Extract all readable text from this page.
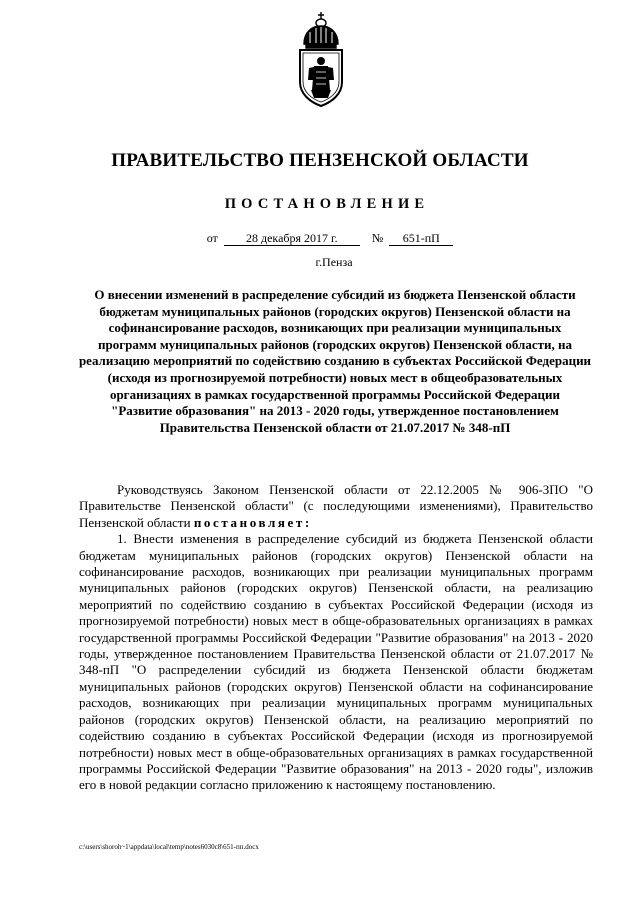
ПРАВИТЕЛЬСТВО ПЕНЗЕНСКОЙ ОБЛАСТИ
ПОСТАНОВЛЕНИЕ
от 28 декабря 2017 г.	№ 651-пП
г.Пенза
О внесении изменений в распределение субсидий из бюджета Пензенской области бюджетам муниципальных районов (городских округов) Пензенской области на софинансирование расходов, возникающих при реализации муниципальных программ муниципальных районов (городских округов) Пензенской области, на реализацию мероприятий по содействию созданию в субъектах Российской Федерации (исходя из прогнозируемой потребности) новых мест в общеобразовательных организациях в рамках государственной программы Российской Федерации "Развитие образования" на 2013 - 2020 годы, утвержденное постановлением Правительства Пензенской области от 21.07.2017 № 348-пП

Руководствуясь Законом Пензенской области от 22.12.2005 № 906-ЗПО "О Правительстве Пензенской области" (с последующими изменениями), Правительство Пензенской области постановляет:

1. Внести изменения в распределение субсидий из бюджета Пензенской области бюджетам муниципальных районов (городских округов) Пензенской области на софинансирование расходов, возникающих при реализации муниципальных программ муниципальных районов (городских округов) Пензенской области, на реализацию мероприятий по содействию созданию в субъектах Российской Федерации (исходя из прогнозируемой потребности) новых мест в обще-образовательных организациях в рамках государственной программы Российской Федерации "Развитие образования" на 2013 - 2020 годы, утвержденное постановлением Правительства Пензенской области от 21.07.2017 № 348-пП "О распределении субсидий из бюджета Пензенской области бюджетам муниципальных районов (городских округов) Пензенской области на софинансирование расходов, возникающих при реализации муниципальных программ муниципальных районов (городских округов) Пензенской области, на реализацию мероприятий по содействию созданию в субъектах Российской Федерации (исходя из прогнозируемой потребности) новых мест в обще-образовательных организациях в рамках государственной программы Российской Федерации "Развитие образования" на 2013 - 2020 годы", изложив его в новой редакции согласно приложению к настоящему постановлению.

c:\users\shoroh~1\appdata\local\temp\notes6030c8\651-пп.docx
